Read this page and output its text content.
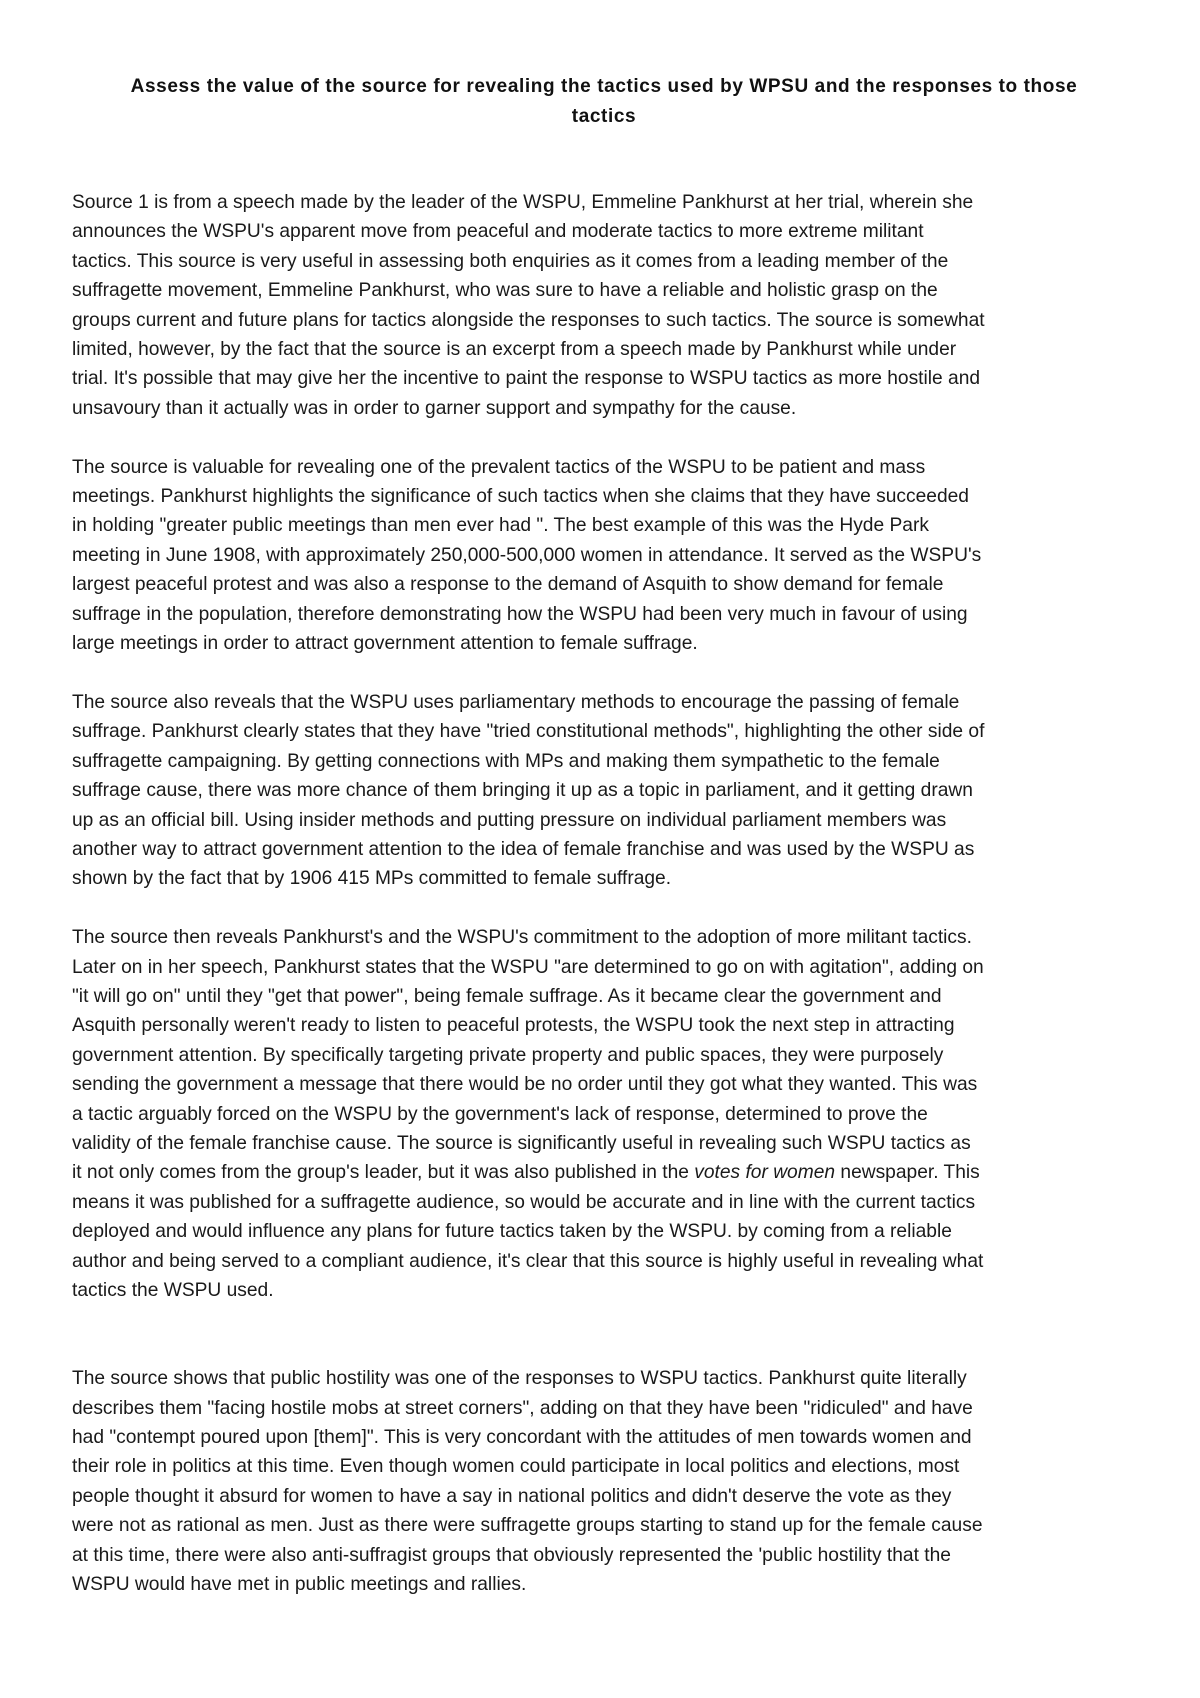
Assess the value of the source for revealing the tactics used by WPSU and the responses to those
tactics

Source 1 is from a speech made by the leader of the WSPU, Emmeline Pankhurst at her trial, wherein she
announces the WSPU's apparent move from peaceful and moderate tactics to more extreme militant
tactics. This source is very useful in assessing both enquiries as it comes from a leading member of the
suffragette movement, Emmeline Pankhurst, who was sure to have a reliable and holistic grasp on the
groups current and future plans for tactics alongside the responses to such tactics. The source is somewhat
limited, however, by the fact that the source is an excerpt from a speech made by Pankhurst while under
trial. It's possible that may give her the incentive to paint the response to WSPU tactics as more hostile and
unsavoury than it actually was in order to garner support and sympathy for the cause.

The source is valuable for revealing one of the prevalent tactics of the WSPU to be patient and mass
meetings. Pankhurst highlights the significance of such tactics when she claims that they have succeeded
in holding "greater public meetings than men ever had ". The best example of this was the Hyde Park
meeting in June 1908, with approximately 250,000-500,000 women in attendance. It served as the WSPU's
largest peaceful protest and was also a response to the demand of Asquith to show demand for female
suffrage in the population, therefore demonstrating how the WSPU had been very much in favour of using
large meetings in order to attract government attention to female suffrage.

The source also reveals that the WSPU uses parliamentary methods to encourage the passing of female
suffrage. Pankhurst clearly states that they have "tried constitutional methods", highlighting the other side of
suffragette campaigning. By getting connections with MPs and making them sympathetic to the female
suffrage cause, there was more chance of them bringing it up as a topic in parliament, and it getting drawn
up as an official bill. Using insider methods and putting pressure on individual parliament members was
another way to attract government attention to the idea of female franchise and was used by the WSPU as
shown by the fact that by 1906 415 MPs committed to female suffrage.

The source then reveals Pankhurst's and the WSPU's commitment to the adoption of more militant tactics.
Later on in her speech, Pankhurst states that the WSPU "are determined to go on with agitation", adding on
"it will go on" until they "get that power", being female suffrage. As it became clear the government and
Asquith personally weren't ready to listen to peaceful protests, the WSPU took the next step in attracting
government attention. By specifically targeting private property and public spaces, they were purposely
sending the government a message that there would be no order until they got what they wanted. This was
a tactic arguably forced on the WSPU by the government's lack of response, determined to prove the
validity of the female franchise cause. The source is significantly useful in revealing such WSPU tactics as
it not only comes from the group's leader, but it was also published in the votes for women newspaper. This
means it was published for a suffragette audience, so would be accurate and in line with the current tactics
deployed and would influence any plans for future tactics taken by the WSPU. by coming from a reliable
author and being served to a compliant audience, it's clear that this source is highly useful in revealing what
tactics the WSPU used.

The source shows that public hostility was one of the responses to WSPU tactics. Pankhurst quite literally
describes them "facing hostile mobs at street corners", adding on that they have been "ridiculed" and have
had "contempt poured upon [them]". This is very concordant with the attitudes of men towards women and
their role in politics at this time. Even though women could participate in local politics and elections, most
people thought it absurd for women to have a say in national politics and didn't deserve the vote as they
were not as rational as men. Just as there were suffragette groups starting to stand up for the female cause
at this time, there were also anti-suffragist groups that obviously represented the 'public hostility that the
WSPU would have met in public meetings and rallies.
